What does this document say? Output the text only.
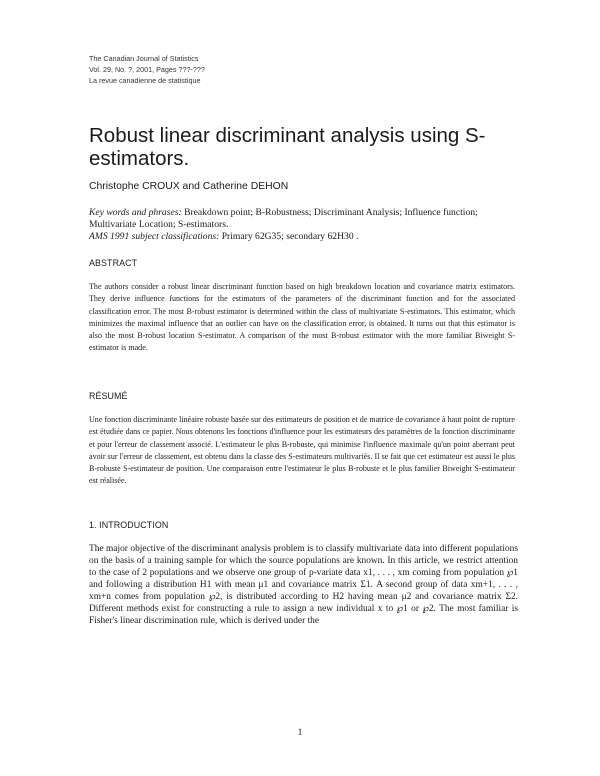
The Canadian Journal of Statistics
Vol. 29, No. ?, 2001, Pages ???-???
La revue canadienne de statistique
Robust linear discriminant analysis using S-estimators.
Christophe CROUX and Catherine DEHON
Key words and phrases: Breakdown point; B-Robustness; Discriminant Analysis; Influence function; Multivariate Location; S-estimators.
AMS 1991 subject classifications: Primary 62G35; secondary 62H30 .
ABSTRACT
The authors consider a robust linear discriminant function based on high breakdown location and covariance matrix estimators. They derive influence functions for the estimators of the parameters of the discriminant function and for the associated classification error. The most B-robust estimator is determined within the class of multivariate S-estimators. This estimator, which minimizes the maximal influence that an outlier can have on the classification error, is obtained. It turns out that this estimator is also the most B-robust location S-estimator. A comparison of the most B-robust estimator with the more familiar Biweight S-estimator is made.
RÉSUMÉ
Une fonction discriminante linéaire robuste basée sur des estimateurs de position et de matrice de covariance à haut point de rupture est étudiée dans ce papier. Nous obtenons les fonctions d'influence pour les estimateurs des paramètres de la fonction discriminante et pour l'erreur de classement associé. L'estimateur le plus B-robuste, qui minimise l'influence maximale qu'un point aberrant peut avoir sur l'erreur de classement, est obtenu dans la classe des S-estimateurs multivariés. Il se fait que cet estimateur est aussi le plus B-robuste S-estimateur de position. Une comparaison entre l'estimateur le plus B-robuste et le plus familier Biweight S-estimateur est réalisée.
1. INTRODUCTION
The major objective of the discriminant analysis problem is to classify multivariate data into different populations on the basis of a training sample for which the source populations are known. In this article, we restrict attention to the case of 2 populations and we observe one group of p-variate data x1, . . . , xm coming from population ℘1 and following a distribution H1 with mean μ1 and covariance matrix Σ1. A second group of data xm+1, . . . , xm+n comes from population ℘2, is distributed according to H2 having mean μ2 and covariance matrix Σ2. Different methods exist for constructing a rule to assign a new individual x to ℘1 or ℘2. The most familiar is Fisher's linear discrimination rule, which is derived under the
1
